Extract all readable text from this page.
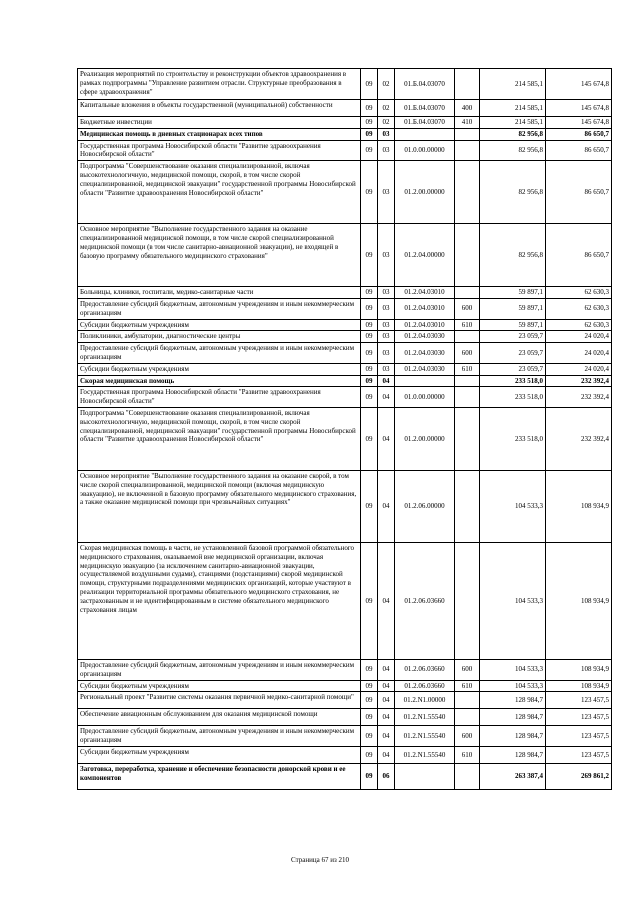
Реализация мероприятий по строительству и реконструкции объектов здравоохранения в рамках подпрограммы "Управление развитием отрасли. Структурные преобразования в сфере здравоохранения"	09	02	01.Б.04.03070		214 585,1	145 674,8
Капитальные вложения в объекты государственной (муниципальной) собственности	09	02	01.Б.04.03070	400	214 585,1	145 674,8
Бюджетные инвестиции	09	02	01.Б.04.03070	410	214 585,1	145 674,8
Медицинская помощь в дневных стационарах всех типов	09	03			82 956,8	86 650,7
Государственная программа Новосибирской области "Развитие здравоохранения Новосибирской области"	09	03	01.0.00.00000		82 956,8	86 650,7
Подпрограмма "Совершенствование оказания специализированной, включая высокотехнологичную, медицинской помощи, скорой, в том числе скорой специализированной, медицинской эвакуации" государственной программы Новосибирской области "Развитие здравоохранения Новосибирской области"	09	03	01.2.00.00000		82 956,8	86 650,7
Основное мероприятие "Выполнение государственного задания на оказание специализированной медицинской помощи, в том числе скорой специализированной медицинской помощи (в том числе санитарно-авиационной эвакуации), не входящей в базовую программу обязательного медицинского страхования"	09	03	01.2.04.00000		82 956,8	86 650,7
Больницы, клиники, госпитали, медико-санитарные части	09	03	01.2.04.03010		59 897,1	62 630,3
Предоставление субсидий бюджетным, автономным учреждениям и иным некоммерческим организациям	09	03	01.2.04.03010	600	59 897,1	62 630,3
Субсидии бюджетным учреждениям	09	03	01.2.04.03010	610	59 897,1	62 630,3
Поликлиники, амбулатории, диагностические центры	09	03	01.2.04.03030		23 059,7	24 020,4
Предоставление субсидий бюджетным, автономным учреждениям и иным некоммерческим организациям	09	03	01.2.04.03030	600	23 059,7	24 020,4
Субсидии бюджетным учреждениям	09	03	01.2.04.03030	610	23 059,7	24 020,4
Скорая медицинская помощь	09	04			233 518,0	232 392,4
Государственная программа Новосибирской области "Развитие здравоохранения Новосибирской области"	09	04	01.0.00.00000		233 518,0	232 392,4
Подпрограмма "Совершенствование оказания специализированной, включая высокотехнологичную, медицинской помощи, скорой, в том числе скорой специализированной, медицинской эвакуации" государственной программы Новосибирской области "Развитие здравоохранения Новосибирской области"	09	04	01.2.00.00000		233 518,0	232 392,4
Основное мероприятие "Выполнение государственного задания на оказание скорой, в том числе скорой специализированной, медицинской помощи (включая медицинскую эвакуацию), не включенной в базовую программу обязательного медицинского страхования, а также оказание медицинской помощи при чрезвычайных ситуациях"	09	04	01.2.06.00000		104 533,3	108 934,9
Скорая медицинская помощь в части, не установленной базовой программой обязательного медицинского страхования, оказываемой вне медицинской организации, включая медицинскую эвакуацию (за исключением санитарно-авиационной эвакуации, осуществляемой воздушными судами), станциями (подстанциями) скорой медицинской помощи, структурными подразделениями медицинских организаций, которые участвуют в реализации территориальной программы обязательного медицинского страхования, не застрахованным и не идентифицированным в системе обязательного медицинского страхования лицам	09	04	01.2.06.03660		104 533,3	108 934,9
Предоставление субсидий бюджетным, автономным учреждениям и иным некоммерческим организациям	09	04	01.2.06.03660	600	104 533,3	108 934,9
Субсидии бюджетным учреждениям	09	04	01.2.06.03660	610	104 533,3	108 934,9
Региональный проект "Развитие системы оказания первичной медико-санитарной помощи"	09	04	01.2.N1.00000		128 984,7	123 457,5
Обеспечение авиационным обслуживанием для оказания медицинской помощи	09	04	01.2.N1.55540		128 984,7	123 457,5
Предоставление субсидий бюджетным, автономным учреждениям и иным некоммерческим организациям	09	04	01.2.N1.55540	600	128 984,7	123 457,5
Субсидии бюджетным учреждениям	09	04	01.2.N1.55540	610	128 984,7	123 457,5
Заготовка, переработка, хранение и обеспечение безопасности донорской крови и ее компонентов	09	06			263 387,4	269 861,2
Страница 67 из 210
